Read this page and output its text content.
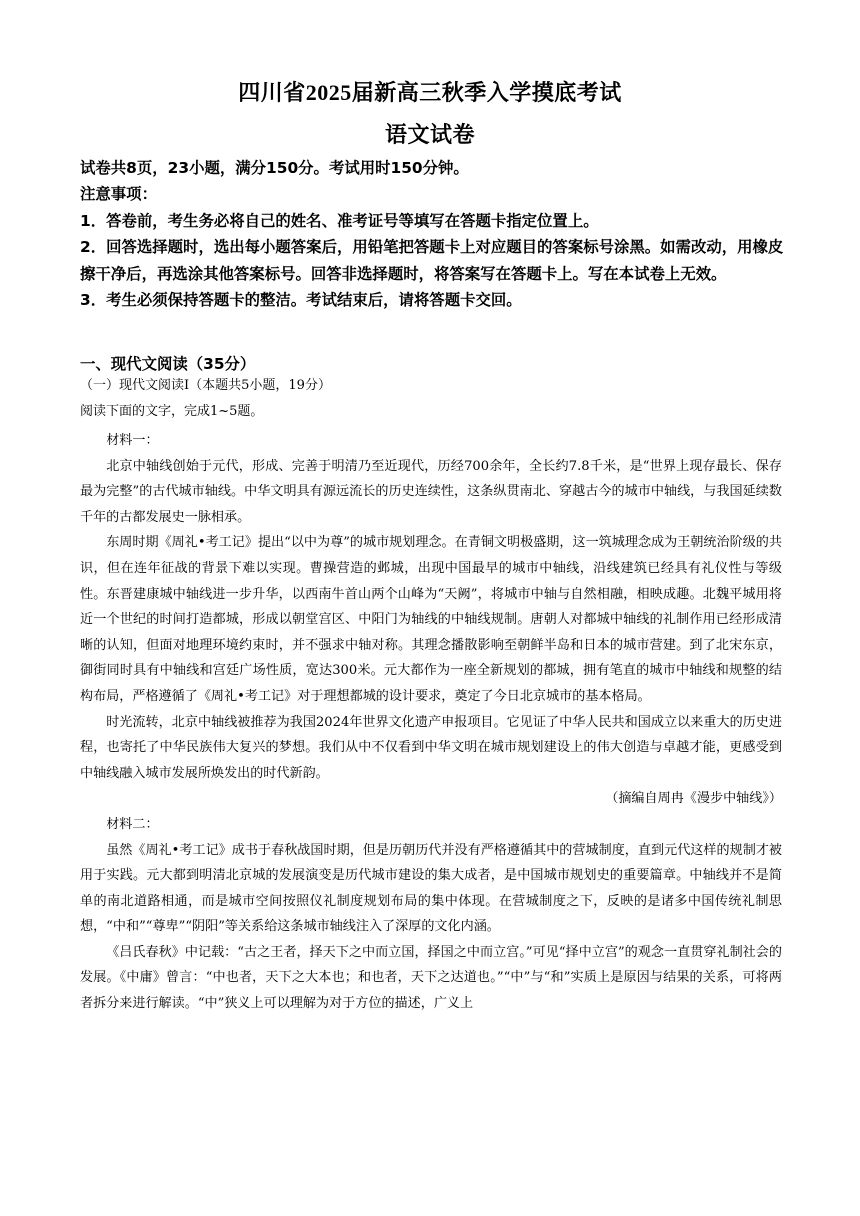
四川省2025届新高三秋季入学摸底考试
语文试卷

试卷共8页，23小题，满分150分。考试用时150分钟。

注意事项：

1．答卷前，考生务必将自己的姓名、准考证号等填写在答题卡指定位置上。

2．回答选择题时，选出每小题答案后，用铅笔把答题卡上对应题目的答案标号涂黑。如需改动，用橡皮擦干净后，再选涂其他答案标号。回答非选择题时，将答案写在答题卡上。写在本试卷上无效。

3．考生必须保持答题卡的整洁。考试结束后，请将答题卡交回。

一、现代文阅读（35分）
（一）现代文阅读Ⅰ（本题共5小题，19分）
阅读下面的文字，完成1~5题。

材料一：

北京中轴线创始于元代，形成、完善于明清乃至近现代，历经700余年，全长约7.8千米，是“世界上现存最长、保存最为完整”的古代城市轴线。中华文明具有源远流长的历史连续性，这条纵贯南北、穿越古今的城市中轴线，与我国延续数千年的古都发展史一脉相承。

东周时期《周礼•考工记》提出“以中为尊”的城市规划理念。在青铜文明极盛期，这一筑城理念成为王朝统治阶级的共识，但在连年征战的背景下难以实现。曹操营造的邺城，出现中国最早的城市中轴线，沿线建筑已经具有礼仪性与等级性。东晋建康城中轴线进一步升华，以西南牛首山两个山峰为“天阙”，将城市中轴与自然相融，相映成趣。北魏平城用将近一个世纪的时间打造都城，形成以朝堂宫区、中阳门为轴线的中轴线规制。唐朝人对都城中轴线的礼制作用已经形成清晰的认知，但面对地理环境约束时，并不强求中轴对称。其理念播散影响至朝鲜半岛和日本的城市营建。到了北宋东京，御街同时具有中轴线和宫廷广场性质，宽达300米。元大都作为一座全新规划的都城，拥有笔直的城市中轴线和规整的结构布局，严格遵循了《周礼•考工记》对于理想都城的设计要求，奠定了今日北京城市的基本格局。

时光流转，北京中轴线被推荐为我国2024年世界文化遗产申报项目。它见证了中华人民共和国成立以来重大的历史进程，也寄托了中华民族伟大复兴的梦想。我们从中不仅看到中华文明在城市规划建设上的伟大创造与卓越才能，更感受到中轴线融入城市发展所焕发出的时代新韵。

（摘编自周冉《漫步中轴线》）

材料二：

虽然《周礼•考工记》成书于春秋战国时期，但是历朝历代并没有严格遵循其中的营城制度，直到元代这样的规制才被用于实践。元大都到明清北京城的发展演变是历代城市建设的集大成者，是中国城市规划史的重要篇章。中轴线并不是简单的南北道路相通，而是城市空间按照仪礼制度规划布局的集中体现。在营城制度之下，反映的是诸多中国传统礼制思想，“中和”“尊卑”“阴阳”等关系给这条城市轴线注入了深厚的文化内涵。

《吕氏春秋》中记载：“古之王者，择天下之中而立国，择国之中而立宫。”可见“择中立宫”的观念一直贯穿礼制社会的发展。《中庸》曾言：“中也者，天下之大本也；和也者，天下之达道也。”“中”与“和”实质上是原因与结果的关系，可将两者拆分来进行解读。“中”狭义上可以理解为对于方位的描述，广义上
